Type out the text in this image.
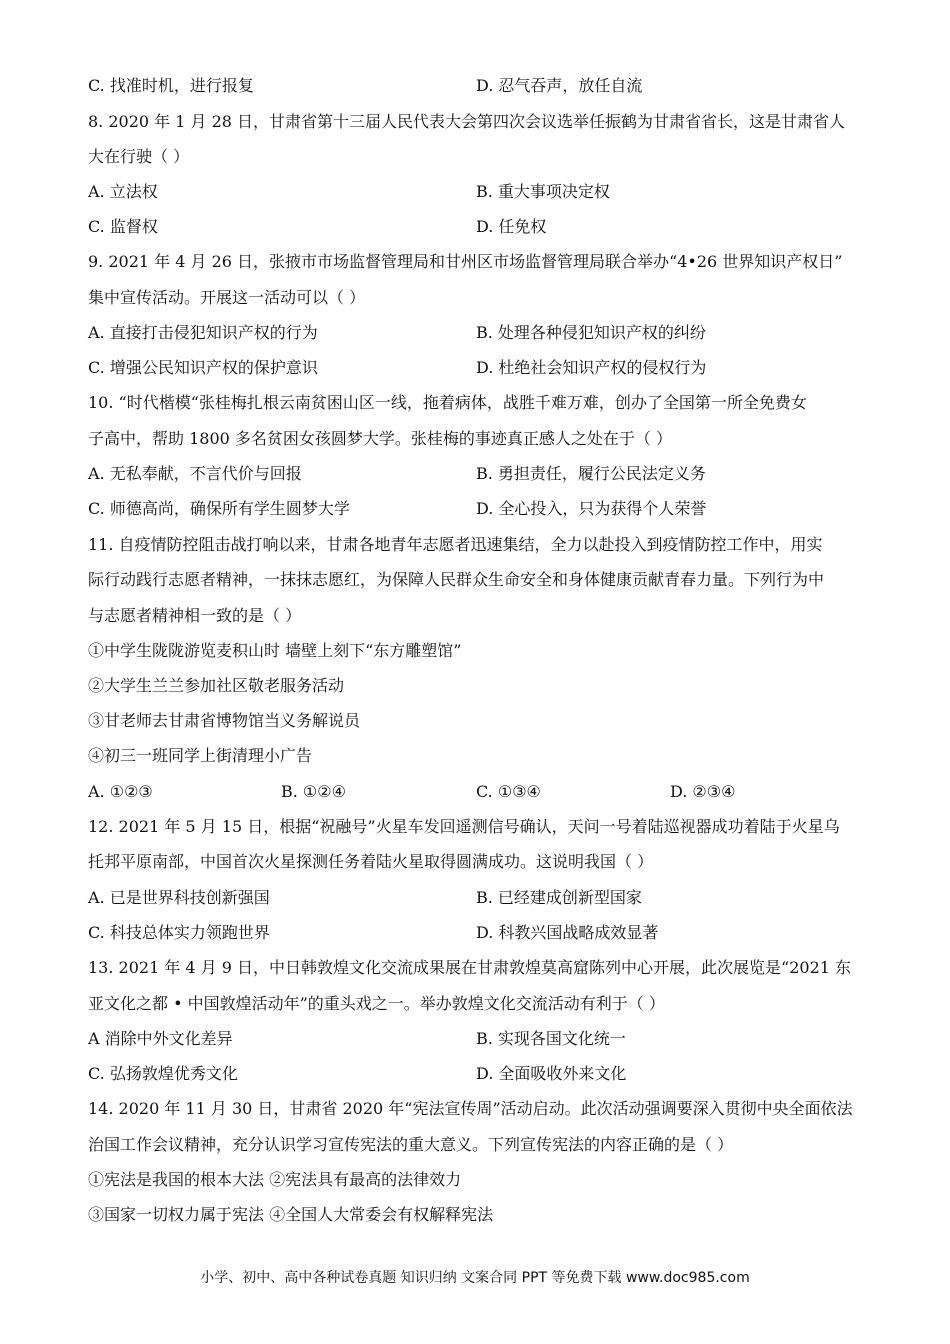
C. 找准时机，进行报复	D. 忍气吞声，放任自流
8. 2020 年 1 月 28 日，甘肃省第十三届人民代表大会第四次会议选举任振鹤为甘肃省省长，这是甘肃省人
大在行驶（ ）
A. 立法权	B. 重大事项决定权
C. 监督权	D. 任免权
9. 2021 年 4 月 26 日，张掖市市场监督管理局和甘州区市场监督管理局联合举办“4•26 世界知识产权日”
集中宣传活动。开展这一活动可以（ ）
A. 直接打击侵犯知识产权的行为	B. 处理各种侵犯知识产权的纠纷
C. 增强公民知识产权的保护意识	D. 杜绝社会知识产权的侵权行为
10. “时代楷模“张桂梅扎根云南贫困山区一线，拖着病体，战胜千难万难，创办了全国第一所全免费女
子高中，帮助 1800 多名贫困女孩圆梦大学。张桂梅的事迹真正感人之处在于（ ）
A. 无私奉献，不言代价与回报	B. 勇担责任，履行公民法定义务
C. 师德高尚，确保所有学生圆梦大学	D. 全心投入，只为获得个人荣誉
11. 自疫情防控阻击战打响以来，甘肃各地青年志愿者迅速集结，全力以赴投入到疫情防控工作中，用实
际行动践行志愿者精神，一抹抹志愿红，为保障人民群众生命安全和身体健康贡献青春力量。下列行为中
与志愿者精神相一致的是（ ）
①中学生陇陇游览麦积山时 墙壁上刻下“东方雕塑馆”
②大学生兰兰参加社区敬老服务活动
③甘老师去甘肃省博物馆当义务解说员
④初三一班同学上街清理小广告
A. ①②③	B. ①②④	C. ①③④	D. ②③④
12. 2021 年 5 月 15 日，根据“祝融号”火星车发回遥测信号确认，天问一号着陆巡视器成功着陆于火星乌
托邦平原南部，中国首次火星探测任务着陆火星取得圆满成功。这说明我国（ ）
A. 已是世界科技创新强国	B. 已经建成创新型国家
C. 科技总体实力领跑世界	D. 科教兴国战略成效显著
13. 2021 年 4 月 9 日，中日韩敦煌文化交流成果展在甘肃敦煌莫高窟陈列中心开展，此次展览是“2021 东
亚文化之都 • 中国敦煌活动年”的重头戏之一。举办敦煌文化交流活动有利于（ ）
A 消除中外文化差异	B. 实现各国文化统一
C. 弘扬敦煌优秀文化	D. 全面吸收外来文化
14. 2020 年 11 月 30 日，甘肃省 2020 年“宪法宣传周”活动启动。此次活动强调要深入贯彻中央全面依法
治国工作会议精神，充分认识学习宣传宪法的重大意义。下列宣传宪法的内容正确的是（ ）
①宪法是我国的根本大法 ②宪法具有最高的法律效力
③国家一切权力属于宪法 ④全国人大常委会有权解释宪法
小学、初中、高中各种试卷真题 知识归纳 文案合同 PPT 等免费下载 www.doc985.com
